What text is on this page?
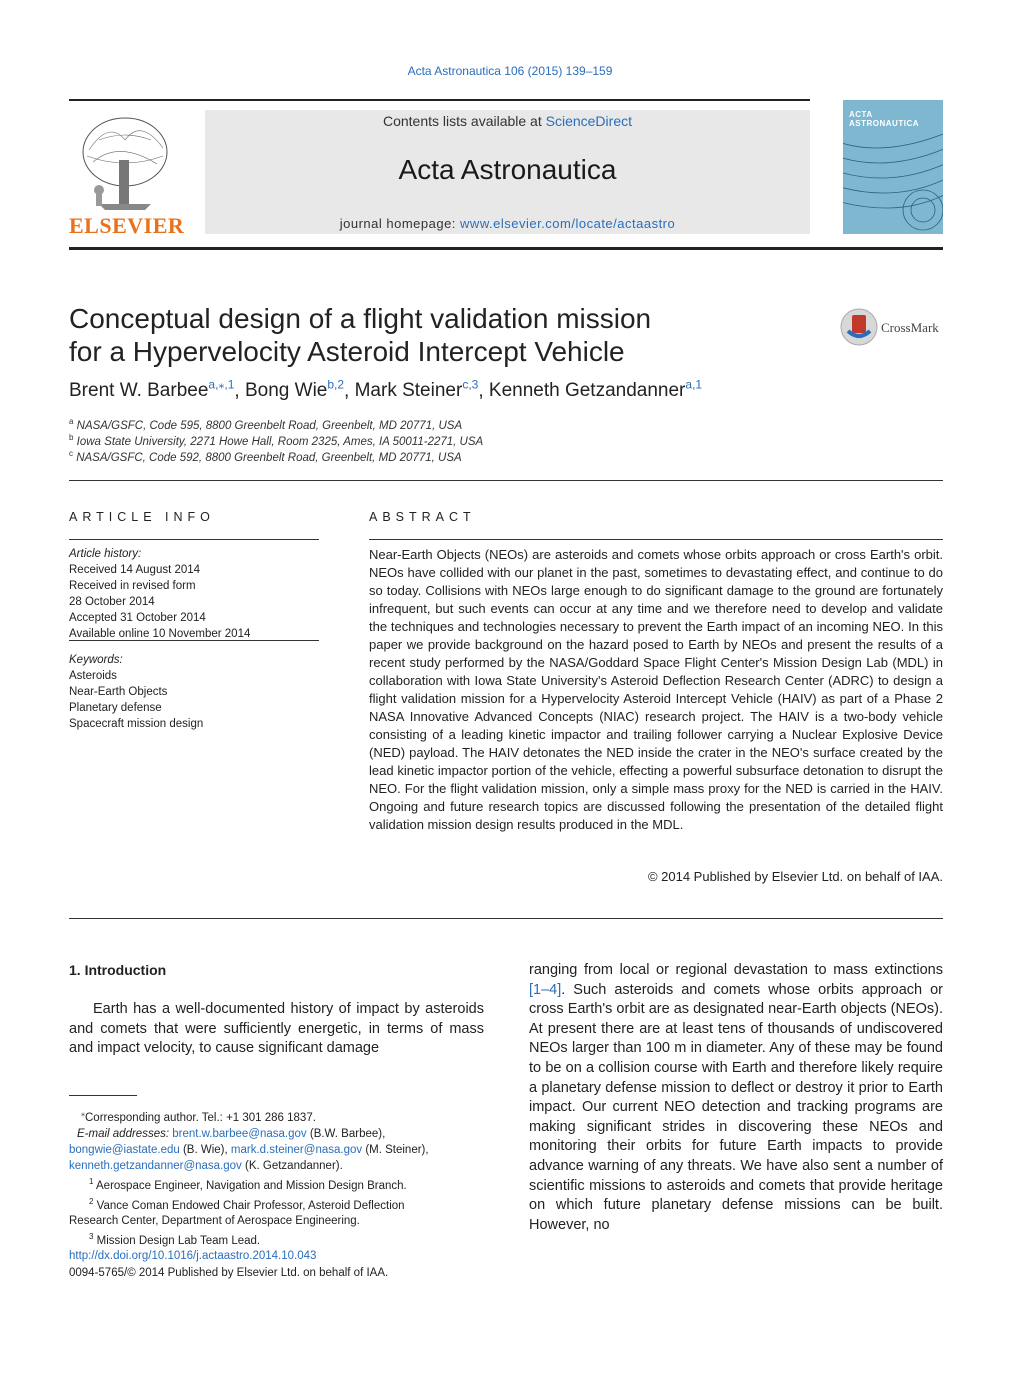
Acta Astronautica 106 (2015) 139–159
ELSEVIER
Contents lists available at ScienceDirect
Acta Astronautica
journal homepage: www.elsevier.com/locate/actaastro
ACTA ASTRONAUTICA
Conceptual design of a flight validation mission
for a Hypervelocity Asteroid Intercept Vehicle
CrossMark
Brent W. Barbee$^{a,⁎,1}$, Bong Wie$^{b,2}$, Mark Steiner$^{c,3}$, Kenneth Getzandanner$^{a,1}$
$^a$ NASA/GSFC, Code 595, 8800 Greenbelt Road, Greenbelt, MD 20771, USA
$^b$ Iowa State University, 2271 Howe Hall, Room 2325, Ames, IA 50011-2271, USA
$^c$ NASA/GSFC, Code 592, 8800 Greenbelt Road, Greenbelt, MD 20771, USA
ARTICLE INFO
Article history:
Received 14 August 2014
Received in revised form
28 October 2014
Accepted 31 October 2014
Available online 10 November 2014
Keywords:
Asteroids
Near-Earth Objects
Planetary defense
Spacecraft mission design
ABSTRACT
Near-Earth Objects (NEOs) are asteroids and comets whose orbits approach or cross Earth's orbit. NEOs have collided with our planet in the past, sometimes to devastating effect, and continue to do so today. Collisions with NEOs large enough to do significant damage to the ground are fortunately infrequent, but such events can occur at any time and we therefore need to develop and validate the techniques and technologies necessary to prevent the Earth impact of an incoming NEO. In this paper we provide background on the hazard posed to Earth by NEOs and present the results of a recent study performed by the NASA/Goddard Space Flight Center's Mission Design Lab (MDL) in collaboration with Iowa State University's Asteroid Deflection Research Center (ADRC) to design a flight validation mission for a Hypervelocity Asteroid Intercept Vehicle (HAIV) as part of a Phase 2 NASA Innovative Advanced Concepts (NIAC) research project. The HAIV is a two-body vehicle consisting of a leading kinetic impactor and trailing follower carrying a Nuclear Explosive Device (NED) payload. The HAIV detonates the NED inside the crater in the NEO's surface created by the lead kinetic impactor portion of the vehicle, effecting a powerful subsurface detonation to disrupt the NEO. For the flight validation mission, only a simple mass proxy for the NED is carried in the HAIV. Ongoing and future research topics are discussed following the presentation of the detailed flight validation mission design results produced in the MDL.
© 2014 Published by Elsevier Ltd. on behalf of IAA.
1. Introduction
Earth has a well-documented history of impact by asteroids and comets that were sufficiently energetic, in terms of mass and impact velocity, to cause significant damage
ranging from local or regional devastation to mass extinctions [1–4]. Such asteroids and comets whose orbits approach or cross Earth's orbit are as designated near-Earth objects (NEOs). At present there are at least tens of thousands of undiscovered NEOs larger than 100 m in diameter. Any of these may be found to be on a collision course with Earth and therefore likely require a planetary defense mission to deflect or destroy it prior to Earth impact. Our current NEO detection and tracking programs are making significant strides in discovering these NEOs and monitoring their orbits for future Earth impacts to provide advance warning of any threats. We have also sent a number of scientific missions to asteroids and comets that provide heritage on which future planetary defense missions can be built. However, no
⁎Corresponding author. Tel.: +1 301 286 1837.
E-mail addresses: brent.w.barbee@nasa.gov (B.W. Barbee),
bongwie@iastate.edu (B. Wie), mark.d.steiner@nasa.gov (M. Steiner),
kenneth.getzandanner@nasa.gov (K. Getzandanner).
$^1$ Aerospace Engineer, Navigation and Mission Design Branch.
$^2$ Vance Coman Endowed Chair Professor, Asteroid Deflection
Research Center, Department of Aerospace Engineering.
$^3$ Mission Design Lab Team Lead.
http://dx.doi.org/10.1016/j.actaastro.2014.10.043
0094-5765/© 2014 Published by Elsevier Ltd. on behalf of IAA.
